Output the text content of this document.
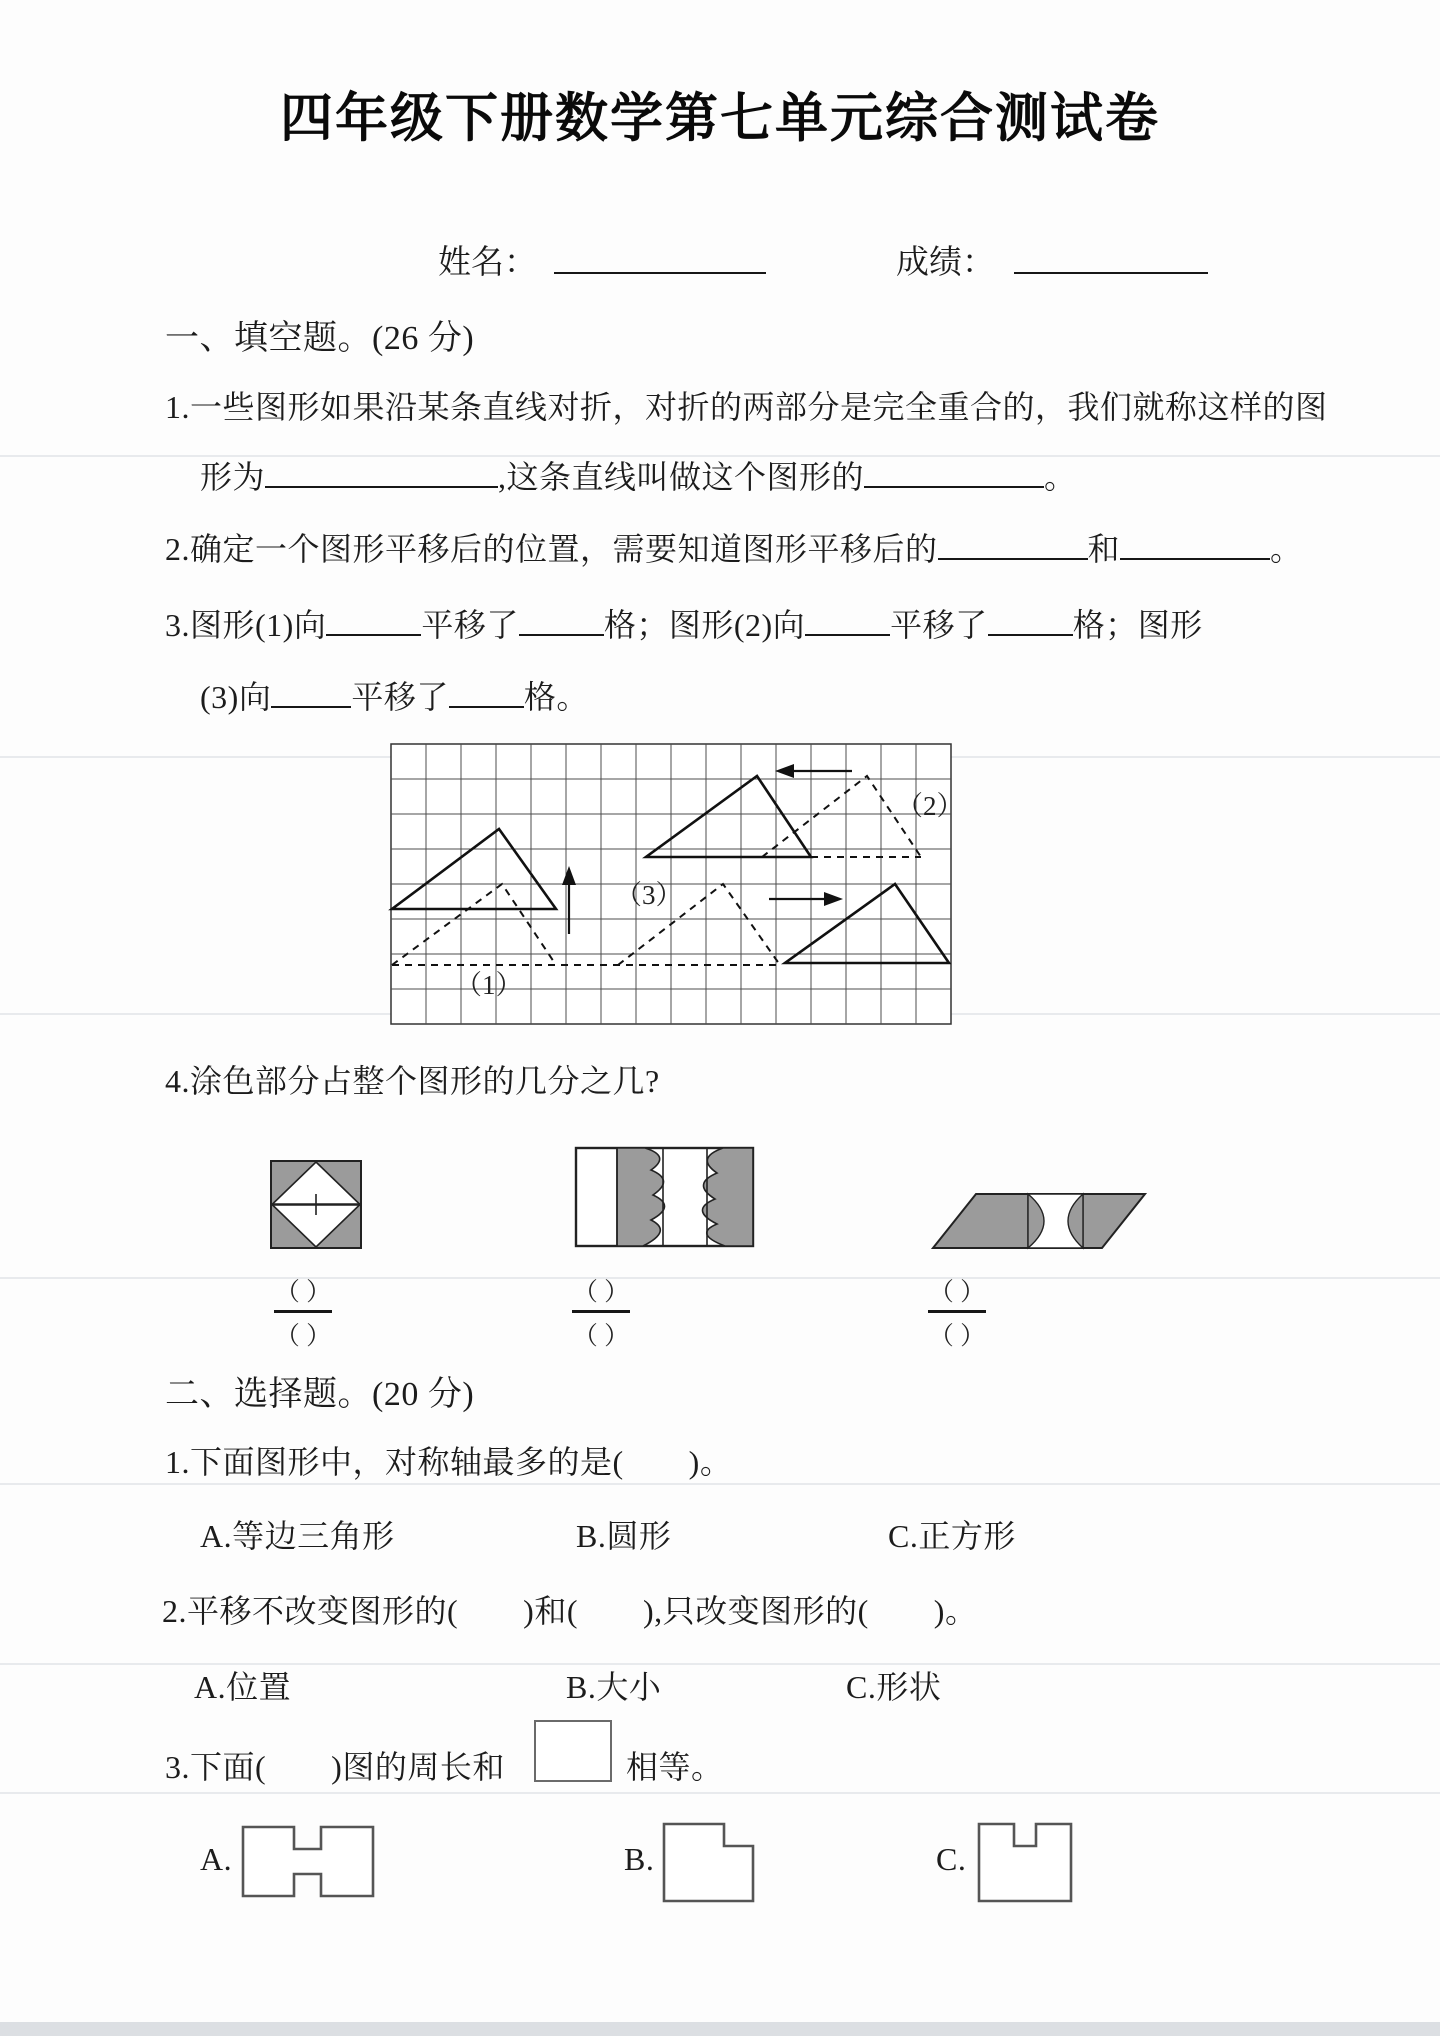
四年级下册数学第七单元综合测试卷
姓名：	成绩：
一、填空题。(26 分)
1.一些图形如果沿某条直线对折，对折的两部分是完全重合的，我们就称这样的图
形为	,这条直线叫做这个图形的	。
2.确定一个图形平移后的位置，需要知道图形平移后的	和	。
3.图形(1)向	平移了	格；图形(2)向	平移了	格；图形
(3)向	平移了 格。
（1）
（2）
（3）
4.涂色部分占整个图形的几分之几?
（ ）
（ ）
（ ）
（ ）
（ ）
（ ）
二、选择题。(20 分)
1.下面图形中，对称轴最多的是(　　)。
A.等边三角形	B.圆形	C.正方形
2.平移不改变图形的(　　)和(　　),只改变图形的(　　)。
A.位置	B.大小	C.形状
3.下面(　　)图的周长和	相等。
A.	B.	C.
